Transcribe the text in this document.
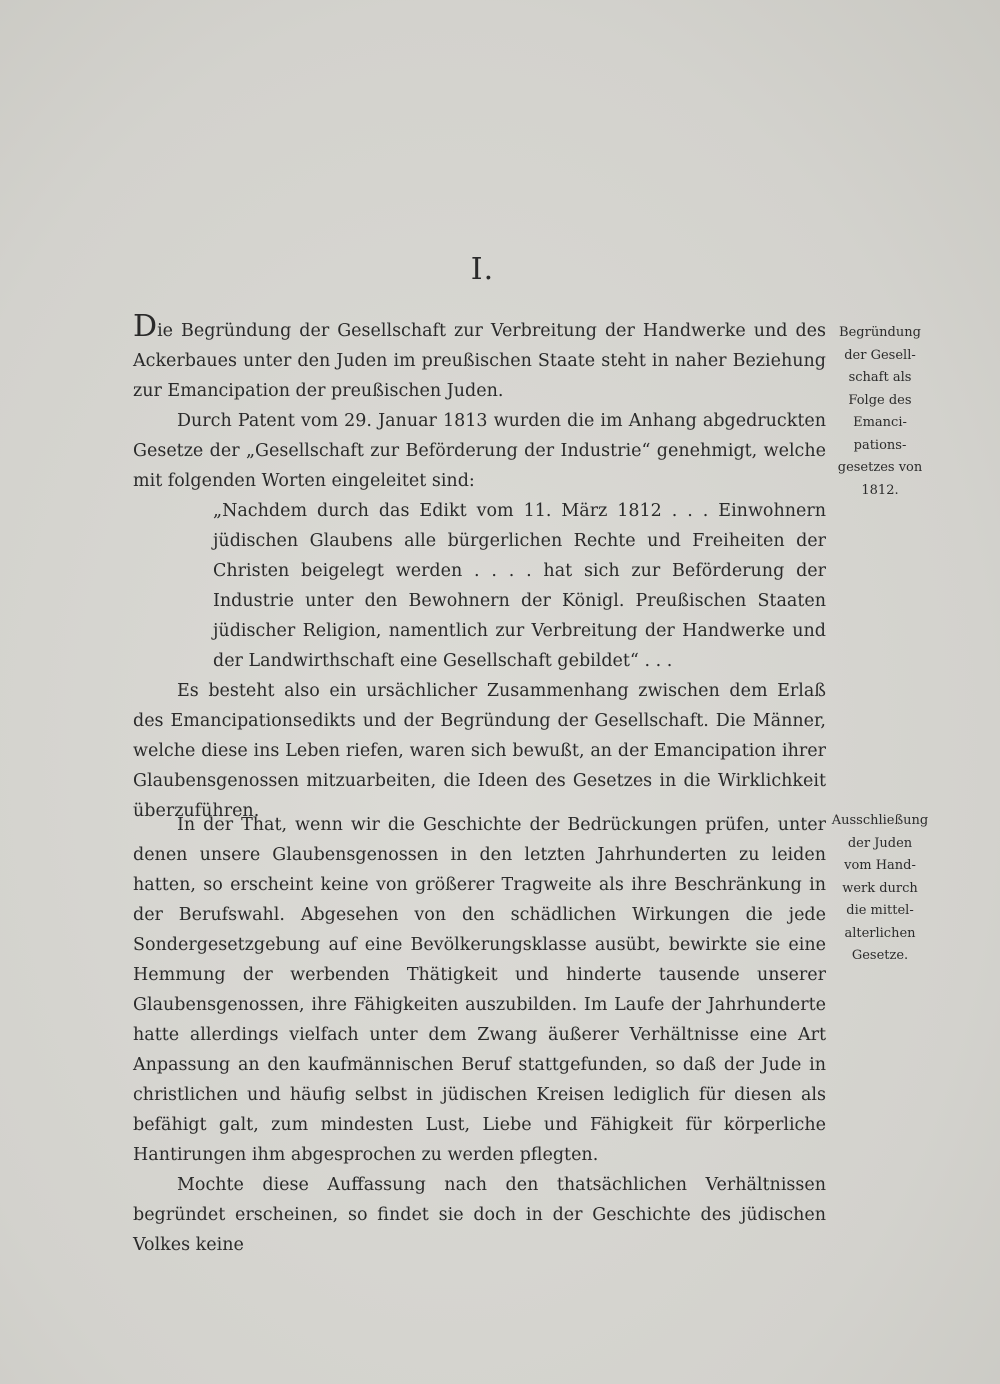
I.

Die Begründung der Gesellschaft zur Verbreitung der Handwerke und des Ackerbaues unter den Juden im preußischen Staate steht in naher Beziehung zur Emancipation der preußischen Juden.

Durch Patent vom 29. Januar 1813 wurden die im Anhang abgedruckten Gesetze der „Gesellschaft zur Beförderung der Industrie“ genehmigt, welche mit folgenden Worten eingeleitet sind:

„Nachdem durch das Edikt vom 11. März 1812 . . . Einwohnern jüdischen Glaubens alle bürgerlichen Rechte und Freiheiten der Christen beigelegt werden . . . . hat sich zur Beförderung der Industrie unter den Bewohnern der Königl. Preußischen Staaten jüdischer Religion, namentlich zur Verbreitung der Handwerke und der Landwirthschaft eine Gesellschaft gebildet“ . . .

Es besteht also ein ursächlicher Zusammenhang zwischen dem Erlaß des Emancipationsedikts und der Begründung der Gesellschaft. Die Männer, welche diese ins Leben riefen, waren sich bewußt, an der Emancipation ihrer Glaubensgenossen mitzuarbeiten, die Ideen des Gesetzes in die Wirklichkeit überzuführen.

In der That, wenn wir die Geschichte der Bedrückungen prüfen, unter denen unsere Glaubensgenossen in den letzten Jahrhunderten zu leiden hatten, so erscheint keine von größerer Tragweite als ihre Beschränkung in der Berufswahl. Abgesehen von den schädlichen Wirkungen die jede Sondergesetzgebung auf eine Bevölkerungsklasse ausübt, bewirkte sie eine Hemmung der werbenden Thätigkeit und hinderte tausende unserer Glaubensgenossen, ihre Fähigkeiten auszubilden. Im Laufe der Jahrhunderte hatte allerdings vielfach unter dem Zwang äußerer Verhältnisse eine Art Anpassung an den kaufmännischen Beruf stattgefunden, so daß der Jude in christlichen und häufig selbst in jüdischen Kreisen lediglich für diesen als befähigt galt, zum mindesten Lust, Liebe und Fähigkeit für körperliche Hantirungen ihm abgesprochen zu werden pflegten.

Mochte diese Auffassung nach den thatsächlichen Verhältnissen begründet erscheinen, so findet sie doch in der Geschichte des jüdischen Volkes keine

Begründung
der Gesell-
schaft als
Folge des
Emanci-
pations-
gesetzes von
1812.
Ausschließung
der Juden
vom Hand-
werk durch
die mittel-
alterlichen
Gesetze.
